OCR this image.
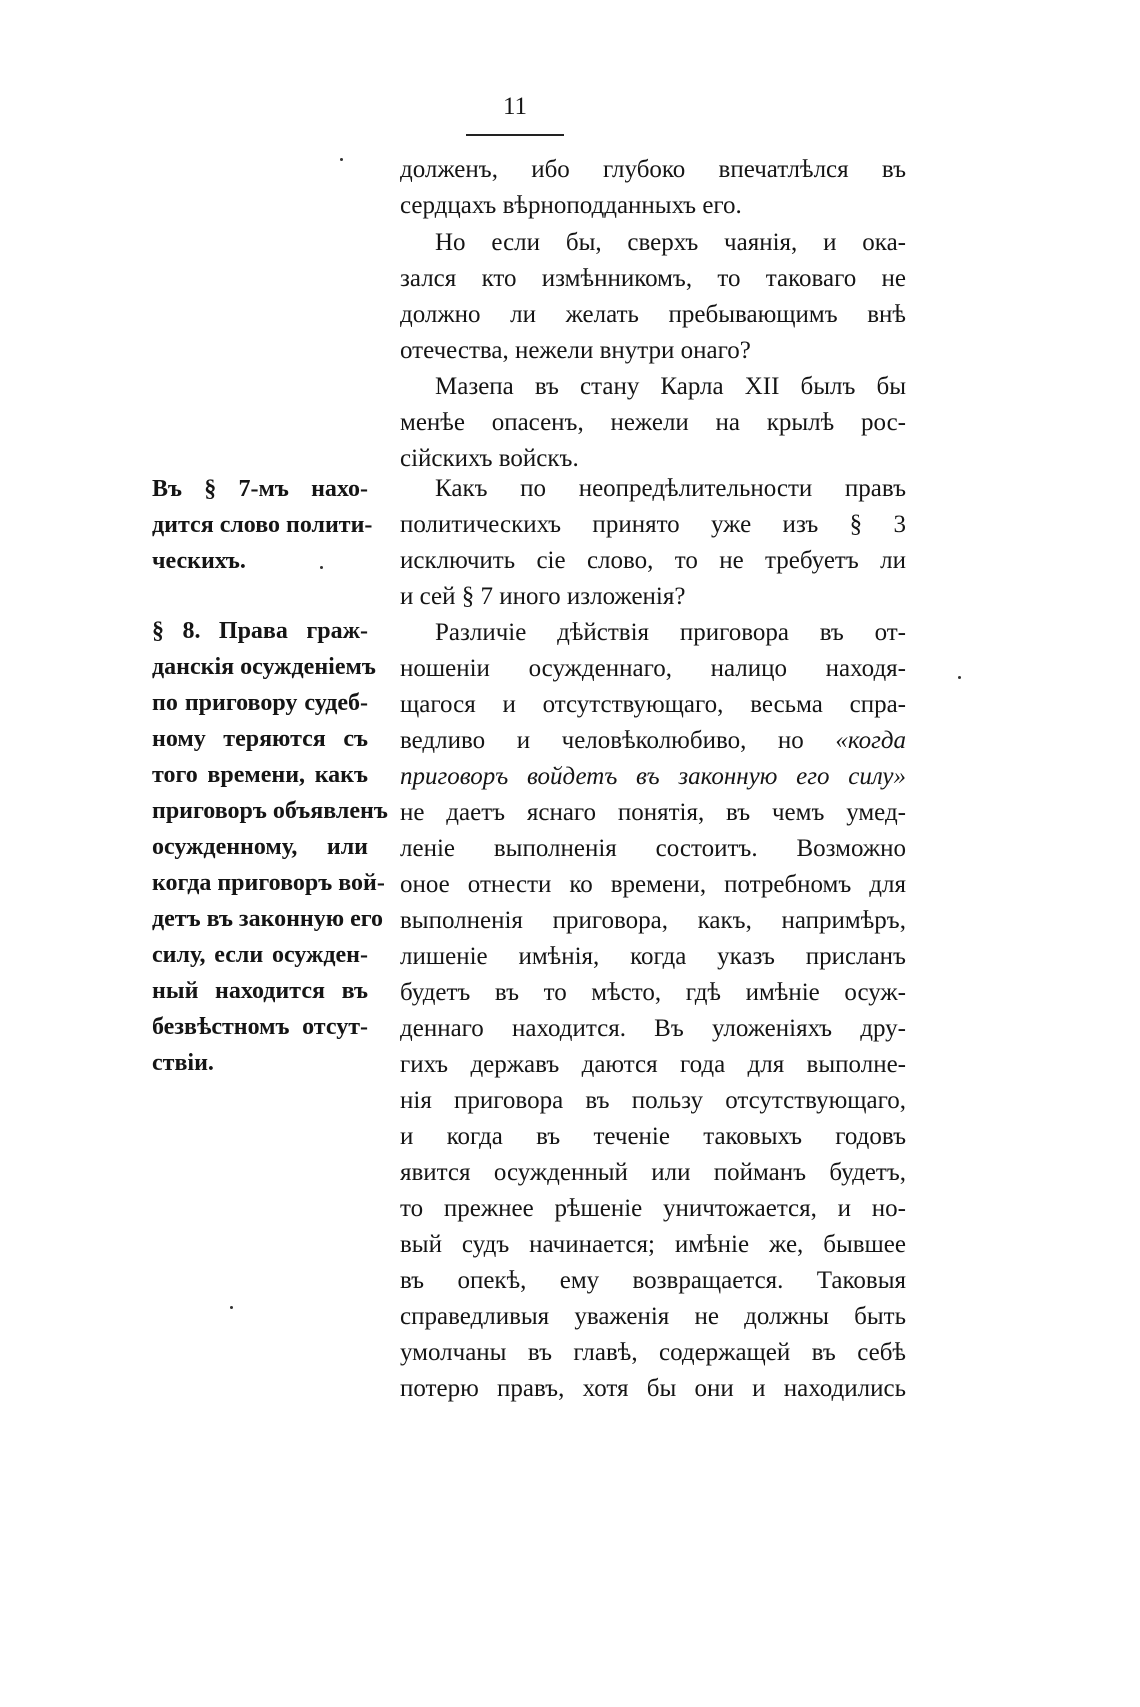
11
Въ § 7-мъ нахо-
дится слово полити-
ческихъ.
§ 8. Права граж-
данскія осужденіемъ
по приговору судеб-
ному теряются съ
того времени, какъ
приговоръ объявленъ
осужденному, или
когда приговоръ вой-
детъ въ законную его
силу, если осужден-
ный находится въ
безвѣстномъ отсут-
ствіи.
долженъ, ибо глубоко впечатлѣлся въ
сердцахъ вѣрноподданныхъ его.
Но если бы, сверхъ чаянія, и ока-
зался кто измѣнникомъ, то таковаго не
должно ли желать пребывающимъ внѣ
отечества, нежели внутри онаго?
Мазепа въ стану Карла XII былъ бы
менѣе опасенъ, нежели на крылѣ рос-
сійскихъ войскъ.
Какъ по неопредѣлительности правъ
политическихъ принято уже изъ § 3
исключить сіе слово, то не требуетъ ли
и сей § 7 иного изложенія?
Различіе дѣйствія приговора въ от-
ношеніи осужденнаго, налицо находя-
щагося и отсутствующаго, весьма спра-
ведливо и человѣколюбиво, но «когда
приговоръ войдетъ въ законную его силу»
не даетъ яснаго понятія, въ чемъ умед-
леніе выполненія состоитъ. Возможно
оное отнести ко времени, потребномъ для
выполненія приговора, какъ, напримѣръ,
лишеніе имѣнія, когда указъ присланъ
будетъ въ то мѣсто, гдѣ имѣніе осуж-
деннаго находится. Въ уложеніяхъ дру-
гихъ державъ даются года для выполне-
нія приговора въ пользу отсутствующаго,
и когда въ теченіе таковыхъ годовъ
явится осужденный или пойманъ будетъ,
то прежнее рѣшеніе уничтожается, и но-
вый судъ начинается; имѣніе же, бывшее
въ опекѣ, ему возвращается. Таковыя
справедливыя уваженія не должны быть
умолчаны въ главѣ, содержащей въ себѣ
потерю правъ, хотя бы они и находились
